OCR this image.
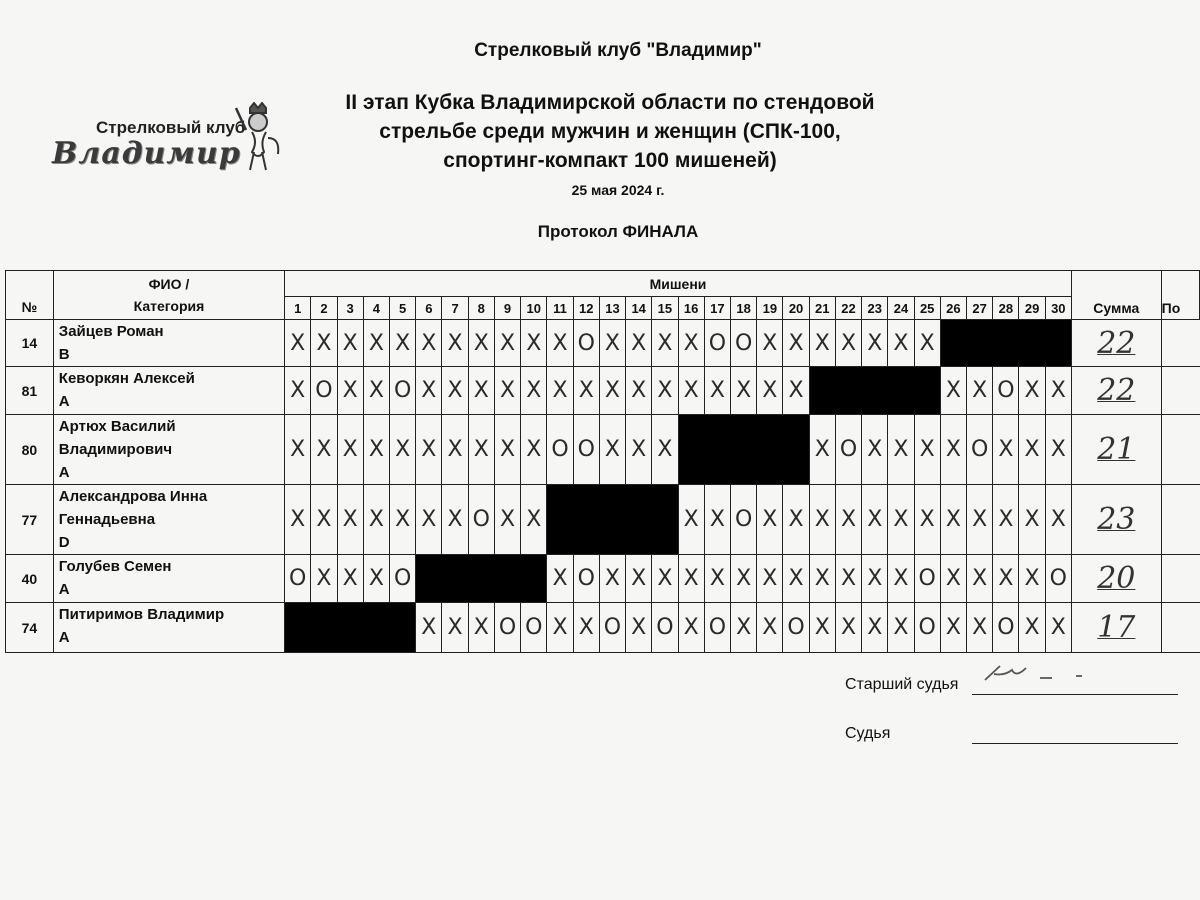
Стрелковый клуб "Владимир"
II этап Кубка Владимирской области по стендовой
стрельбе среди мужчин и женщин (СПК-100,
спортинг-компакт 100 мишеней)
25 мая 2024 г.
Протокол ФИНАЛА
Стрелковый клуб
Владимир
№	ФИО /
Категория	Мишени																														Сумма	По
		1	2	3	4	5	6	7	8	9	10	11	12	13	14	15	16	17	18	19	20	21	22	23	24	25	26	27	28	29	30		
14	Зайцев Роман
B	X	X	X	X	X	X	X	X	X	X	X	O	X	X	X	X	O	O	X	X	X	X	X	X	X						22	
81	Кеворкян Алексей
A	X	O	X	X	O	X	X	X	X	X	X	X	X	X	X	X	X	X	X	X						X	X	O	X	X	22	
80	Артюх Василий
Владимирович
A	X	X	X	X	X	X	X	X	X	X	O	O	X	X	X						X	O	X	X	X	X	O	X	X	X	21	
77	Александрова Инна
Геннадьевна
D	X	X	X	X	X	X	X	O	X	X						X	X	O	X	X	X	X	X	X	X	X	X	X	X	X	23	
40	Голубев Семен
A	O	X	X	X	O						X	O	X	X	X	X	X	X	X	X	X	X	X	X	O	X	X	X	X	O	20	
74	Питиримов Владимир
A						X	X	X	O	O	X	X	O	X	O	X	O	X	X	O	X	X	X	X	O	X	X	O	X	X	17	
Старший судья
Судья
